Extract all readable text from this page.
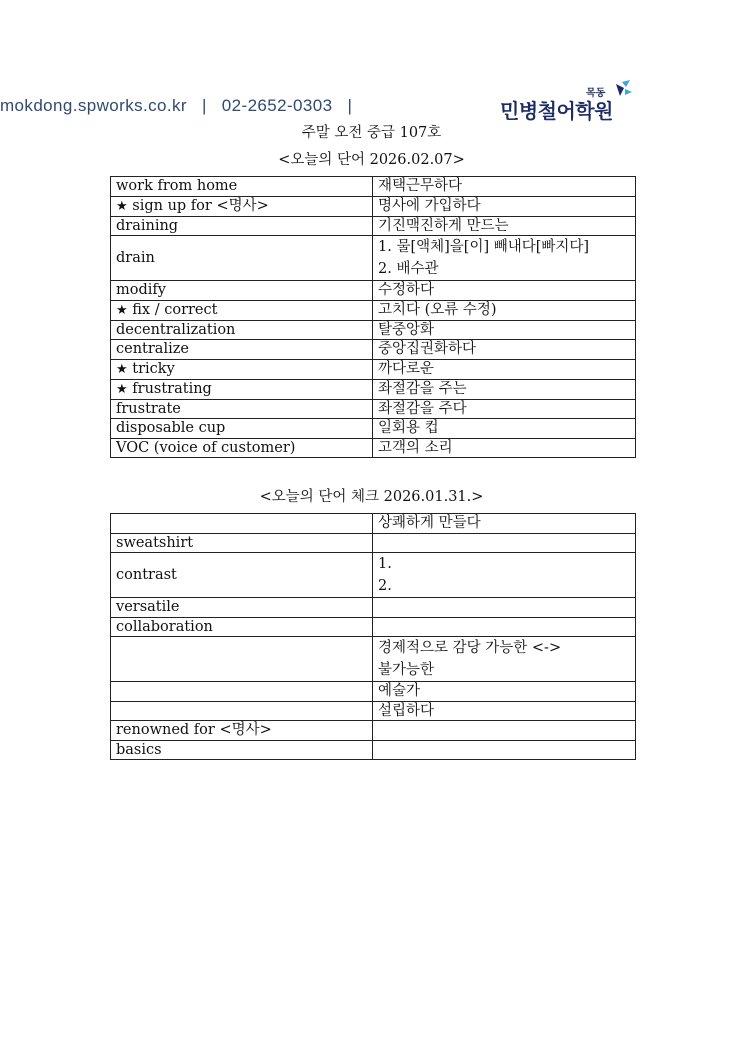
mokdong.spworks.co.kr | 02-2652-0303 |
목동
민병철어학원
주말 오전 중급 107호
<오늘의 단어 2026.02.07>
work from home	재택근무하다
★ sign up for <명사>	명사에 가입하다
draining	기진맥진하게 만드는
drain	1. 물[액체]을[이] 빼내다[빠지다]
2. 배수관

modify	수정하다
★ fix / correct	고치다 (오류 수정)
decentralization	탈중앙화
centralize	중앙집권화하다
★ tricky	까다로운
★ frustrating	좌절감을 주는
frustrate	좌절감을 주다
disposable cup	일회용 컵
VOC (voice of customer)	고객의 소리
<오늘의 단어 체크 2026.01.31.>
	상쾌하게 만들다
sweatshirt	
contrast	1.
2.

versatile	
collaboration	

	경제적으로 감당 가능한 <->
불가능한

	예술가
	설립하다
renowned for <명사>	
basics	
